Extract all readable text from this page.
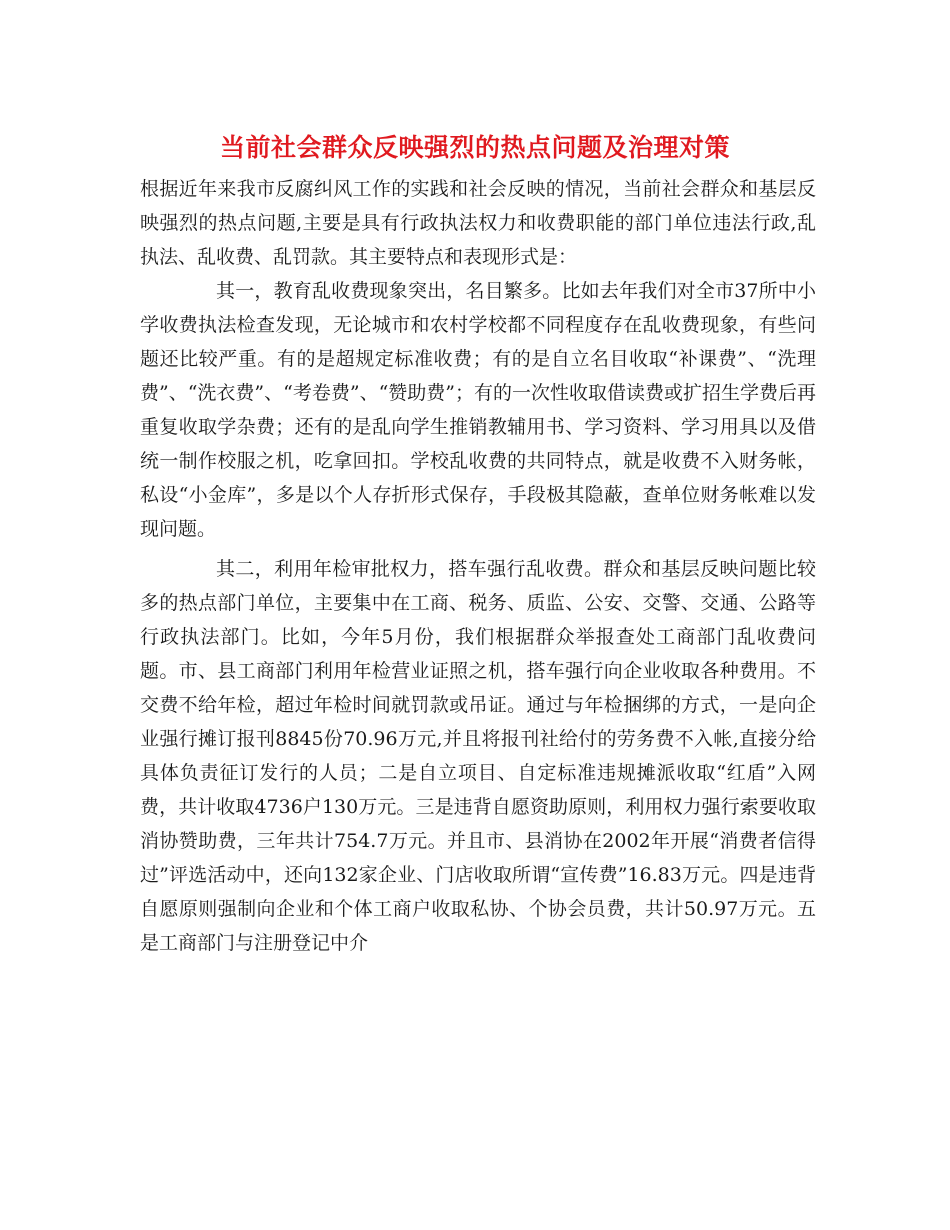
当前社会群众反映强烈的热点问题及治理对策

根据近年来我市反腐纠风工作的实践和社会反映的情况，当前社会群众和基层反映强烈的热点问题,主要是具有行政执法权力和收费职能的部门单位违法行政,乱执法、乱收费、乱罚款。其主要特点和表现形式是：

其一，教育乱收费现象突出，名目繁多。比如去年我们对全市37所中小学收费执法检查发现，无论城市和农村学校都不同程度存在乱收费现象，有些问题还比较严重。有的是超规定标准收费；有的是自立名目收取“补课费”、“洗理费”、“洗衣费”、“考卷费”、“赞助费”；有的一次性收取借读费或扩招生学费后再重复收取学杂费；还有的是乱向学生推销教辅用书、学习资料、学习用具以及借统一制作校服之机，吃拿回扣。学校乱收费的共同特点，就是收费不入财务帐，私设“小金库”，多是以个人存折形式保存，手段极其隐蔽，查单位财务帐难以发现问题。

其二，利用年检审批权力，搭车强行乱收费。群众和基层反映问题比较多的热点部门单位，主要集中在工商、税务、质监、公安、交警、交通、公路等行政执法部门。比如，今年5月份，我们根据群众举报查处工商部门乱收费问题。市、县工商部门利用年检营业证照之机，搭车强行向企业收取各种费用。不交费不给年检，超过年检时间就罚款或吊证。通过与年检捆绑的方式，一是向企业强行摊订报刊8845份70.96万元,并且将报刊社给付的劳务费不入帐,直接分给具体负责征订发行的人员；二是自立项目、自定标准违规摊派收取“红盾”入网费，共计收取4736户130万元。三是违背自愿资助原则，利用权力强行索要收取消协赞助费，三年共计754.7万元。并且市、县消协在2002年开展“消费者信得过”评选活动中，还向132家企业、门店收取所谓“宣传费”16.83万元。四是违背自愿原则强制向企业和个体工商户收取私协、个协会员费，共计50.97万元。五是工商部门与注册登记中介
